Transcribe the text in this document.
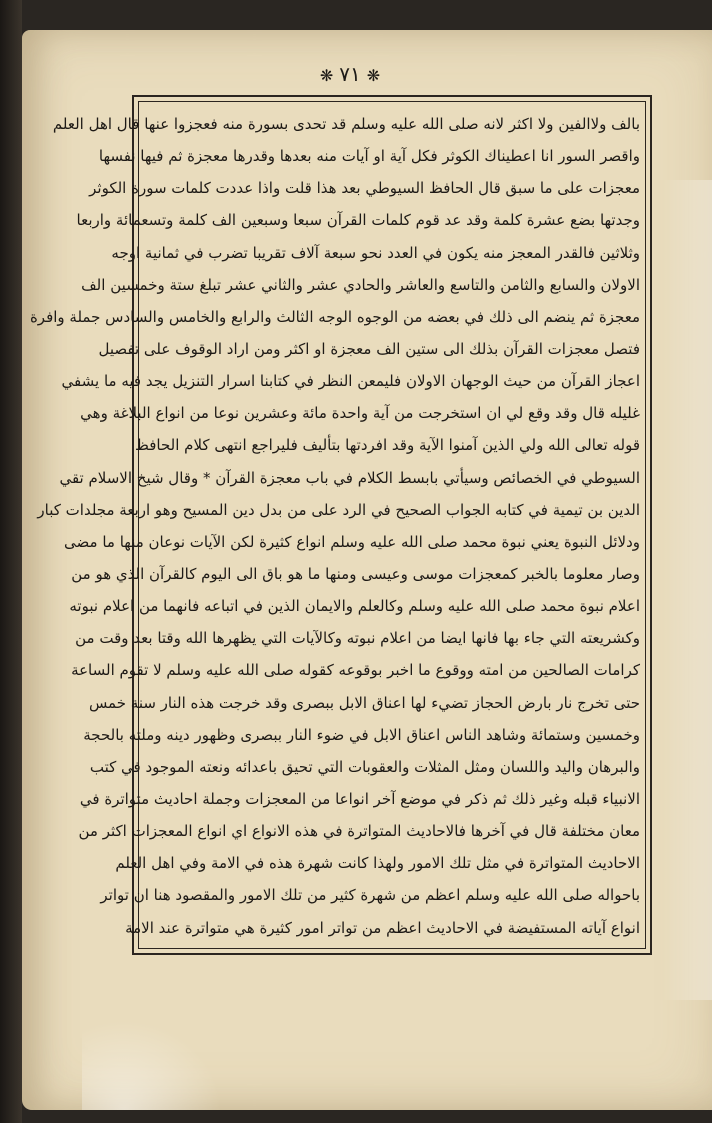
❋٧١❋
بالف ولاالفين ولا اكثر لانه صلى الله عليه وسلم قد تحدى بسورة منه فعجزوا عنها قال اهل العلم
واقصر السور انا اعطيناك الكوثر فكل آية او آيات منه بعدها وقدرها معجزة ثم فيها نفسها
معجزات على ما سبق قال الحافظ السيوطي بعد هذا قلت واذا عددت كلمات سورة الكوثر
وجدتها بضع عشرة كلمة وقد عد قوم كلمات القرآن سبعا وسبعين الف كلمة وتسعمائة واربعا
وثلاثين فالقدر المعجز منه يكون في العدد نحو سبعة آلاف تقريبا تضرب في ثمانية اوجه
الاولان والسابع والثامن والتاسع والعاشر والحادي عشر والثاني عشر تبلغ ستة وخمسين الف
معجزة ثم ينضم الى ذلك في بعضه من الوجوه الوجه الثالث والرابع والخامس والسادس جملة وافرة
فتصل معجزات القرآن بذلك الى ستين الف معجزة او اكثر ومن اراد الوقوف على تفصيل
اعجاز القرآن من حيث الوجهان الاولان فليمعن النظر في كتابنا اسرار التنزيل يجد فيه ما يشفي
غليله قال وقد وقع لي ان استخرجت من آية واحدة مائة وعشرين نوعا من انواع البلاغة وهي
قوله تعالى الله ولي الذين آمنوا الآية وقد افردتها بتأليف فليراجع انتهى كلام الحافظ
السيوطي في الخصائص وسيأتي بابسط الكلام في باب معجزة القرآن * وقال شيخ الاسلام تقي
الدين بن تيمية في كتابه الجواب الصحيح في الرد على من بدل دين المسيح وهو اربعة مجلدات كبار
ودلائل النبوة يعني نبوة محمد صلى الله عليه وسلم انواع كثيرة لكن الآيات نوعان منها ما مضى
وصار معلوما بالخبر كمعجزات موسى وعيسى ومنها ما هو باق الى اليوم كالقرآن الذي هو من
اعلام نبوة محمد صلى الله عليه وسلم وكالعلم والايمان الذين في اتباعه فانهما من اعلام نبوته
وكشريعته التي جاء بها فانها ايضا من اعلام نبوته وكالآيات التي يظهرها الله وقتا بعد وقت من
كرامات الصالحين من امته ووقوع ما اخبر بوقوعه كقوله صلى الله عليه وسلم لا تقوم الساعة
حتى تخرج نار بارض الحجاز تضيء لها اعناق الابل ببصرى وقد خرجت هذه النار سنة خمس
وخمسين وستمائة وشاهد الناس اعناق الابل في ضوء النار ببصرى وظهور دينه وملته بالحجة
والبرهان واليد واللسان ومثل المثلات والعقوبات التي تحيق باعدائه ونعته الموجود في كتب
الانبياء قبله وغير ذلك ثم ذكر في موضع آخر انواعا من المعجزات وجملة احاديث متواترة في
معان مختلفة قال في آخرها فالاحاديث المتواترة في هذه الانواع اي انواع المعجزات اكثر من
الاحاديث المتواترة في مثل تلك الامور ولهذا كانت شهرة هذه في الامة وفي اهل العلم
باحواله صلى الله عليه وسلم اعظم من شهرة كثير من تلك الامور والمقصود هنا ان تواتر
انواع آياته المستفيضة في الاحاديث اعظم من تواتر امور كثيرة هي متواترة عند الامة
